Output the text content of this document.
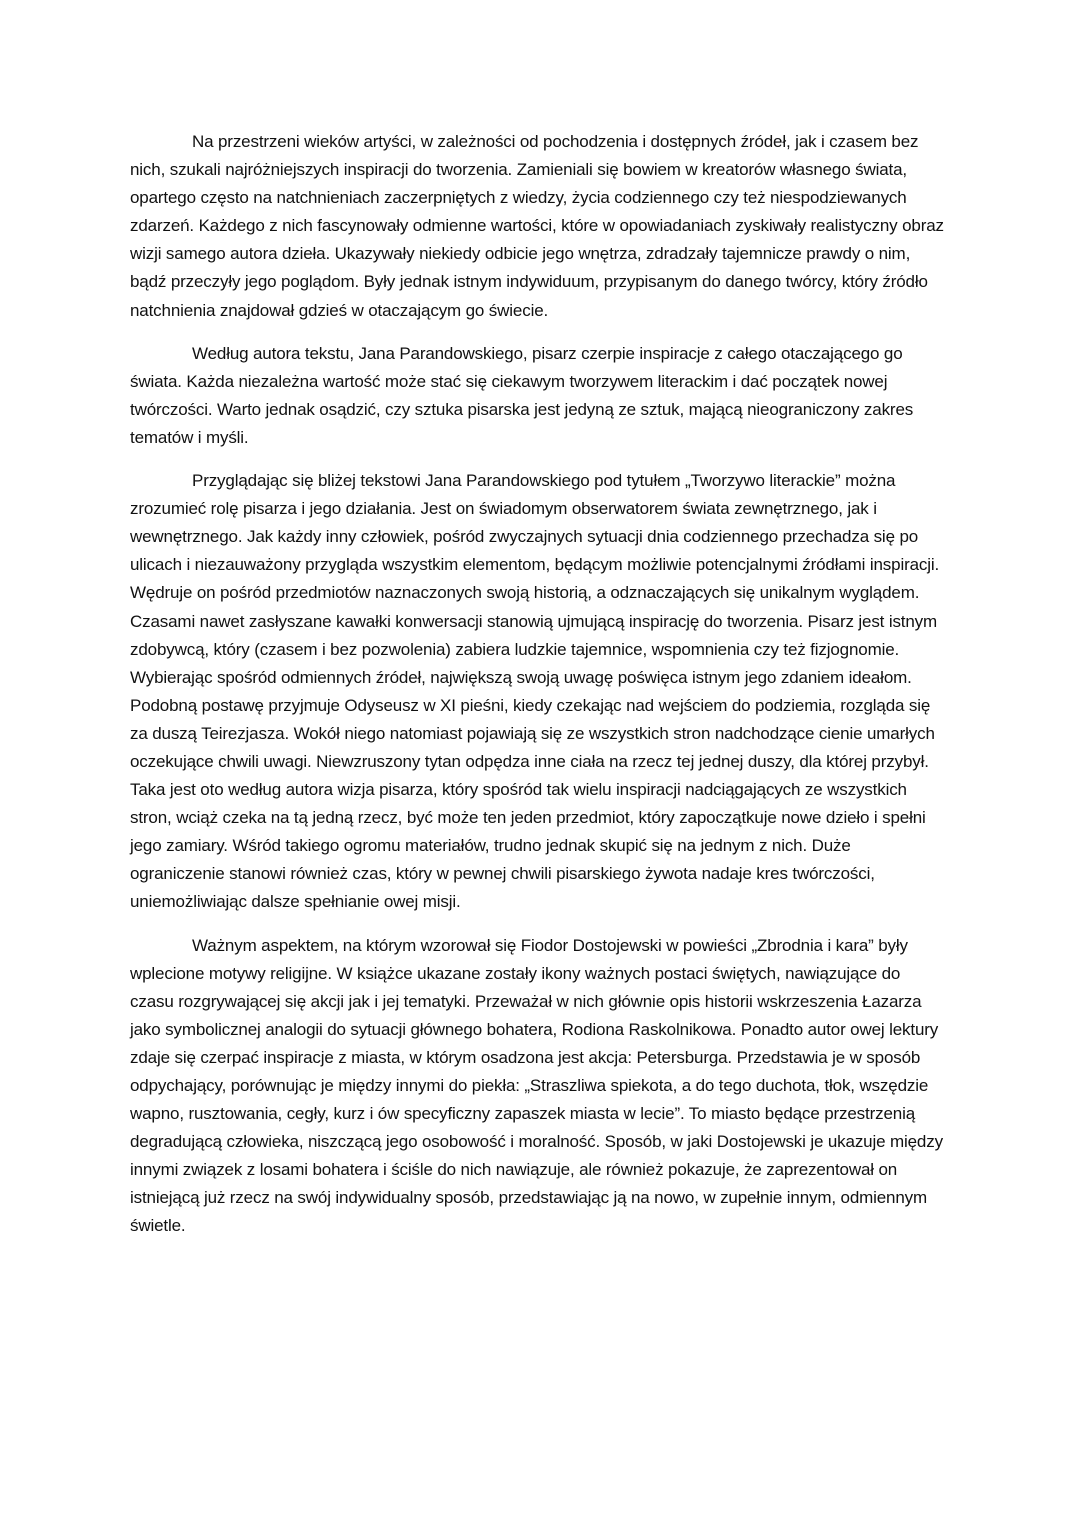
Na przestrzeni wieków artyści, w zależności od pochodzenia i dostępnych źródeł, jak i czasem bez nich, szukali najróżniejszych inspiracji do tworzenia. Zamieniali się bowiem w kreatorów własnego świata, opartego często na natchnieniach zaczerpniętych z wiedzy, życia codziennego czy też niespodziewanych zdarzeń. Każdego z nich fascynowały odmienne wartości, które w opowiadaniach zyskiwały realistyczny obraz wizji samego autora dzieła. Ukazywały niekiedy odbicie jego wnętrza, zdradzały tajemnicze prawdy o nim, bądź przeczyły jego poglądom. Były jednak istnym indywiduum, przypisanym do danego twórcy, który źródło natchnienia znajdował gdzieś w otaczającym go świecie.

Według autora tekstu, Jana Parandowskiego, pisarz czerpie inspiracje z całego otaczającego go świata. Każda niezależna wartość może stać się ciekawym tworzywem literackim i dać początek nowej twórczości. Warto jednak osądzić, czy sztuka pisarska jest jedyną ze sztuk, mającą nieograniczony zakres tematów i myśli.

Przyglądając się bliżej tekstowi Jana Parandowskiego pod tytułem „Tworzywo literackie” można zrozumieć rolę pisarza i jego działania. Jest on świadomym obserwatorem świata zewnętrznego, jak i wewnętrznego. Jak każdy inny człowiek, pośród zwyczajnych sytuacji dnia codziennego przechadza się po ulicach i niezauważony przygląda wszystkim elementom, będącym możliwie potencjalnymi źródłami inspiracji. Wędruje on pośród przedmiotów naznaczonych swoją historią, a odznaczających się unikalnym wyglądem. Czasami nawet zasłyszane kawałki konwersacji stanowią ujmującą inspirację do tworzenia. Pisarz jest istnym zdobywcą, który (czasem i bez pozwolenia) zabiera ludzkie tajemnice, wspomnienia czy też fizjognomie. Wybierając spośród odmiennych źródeł, największą swoją uwagę poświęca istnym jego zdaniem ideałom. Podobną postawę przyjmuje Odyseusz w XI pieśni, kiedy czekając nad wejściem do podziemia, rozgląda się za duszą Teirezjasza. Wokół niego natomiast pojawiają się ze wszystkich stron nadchodzące cienie umarłych oczekujące chwili uwagi. Niewzruszony tytan odpędza inne ciała na rzecz tej jednej duszy, dla której przybył. Taka jest oto według autora wizja pisarza, który spośród tak wielu inspiracji nadciągających ze wszystkich stron, wciąż czeka na tą jedną rzecz, być może ten jeden przedmiot, który zapoczątkuje nowe dzieło i spełni jego zamiary. Wśród takiego ogromu materiałów, trudno jednak skupić się na jednym z nich. Duże ograniczenie stanowi również czas, który w pewnej chwili pisarskiego żywota nadaje kres twórczości, uniemożliwiając dalsze spełnianie owej misji.

Ważnym aspektem, na którym wzorował się Fiodor Dostojewski w powieści „Zbrodnia i kara” były wplecione motywy religijne. W książce ukazane zostały ikony ważnych postaci świętych, nawiązujące do czasu rozgrywającej się akcji jak i jej tematyki. Przeważał w nich głównie opis historii wskrzeszenia Łazarza jako symbolicznej analogii do sytuacji głównego bohatera, Rodiona Raskolnikowa. Ponadto autor owej lektury zdaje się czerpać inspiracje z miasta, w którym osadzona jest akcja: Petersburga. Przedstawia je w sposób odpychający, porównując je między innymi do piekła: „Straszliwa spiekota, a do tego duchota, tłok, wszędzie wapno, rusztowania, cegły, kurz i ów specyficzny zapaszek miasta w lecie”. To miasto będące przestrzenią degradującą człowieka, niszczącą jego osobowość i moralność. Sposób, w jaki Dostojewski je ukazuje między innymi związek z losami bohatera i ściśle do nich nawiązuje, ale również pokazuje, że zaprezentował on istniejącą już rzecz na swój indywidualny sposób, przedstawiając ją na nowo, w zupełnie innym, odmiennym świetle.
